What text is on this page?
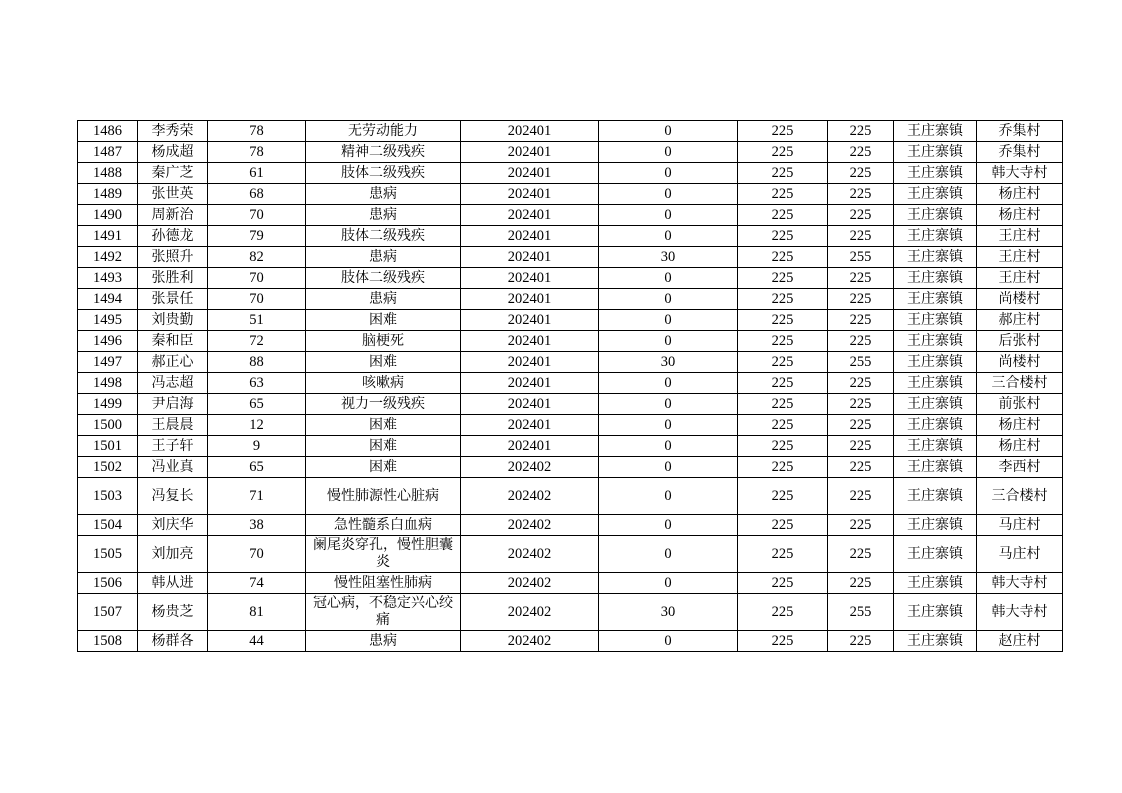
1486	李秀荣	78	无劳动能力	202401	0	225	225	王庄寨镇	乔集村
1487	杨成超	78	精神二级残疾	202401	0	225	225	王庄寨镇	乔集村
1488	秦广芝	61	肢体二级残疾	202401	0	225	225	王庄寨镇	韩大寺村
1489	张世英	68	患病	202401	0	225	225	王庄寨镇	杨庄村
1490	周新治	70	患病	202401	0	225	225	王庄寨镇	杨庄村
1491	孙德龙	79	肢体二级残疾	202401	0	225	225	王庄寨镇	王庄村
1492	张照升	82	患病	202401	30	225	255	王庄寨镇	王庄村
1493	张胜利	70	肢体二级残疾	202401	0	225	225	王庄寨镇	王庄村
1494	张景任	70	患病	202401	0	225	225	王庄寨镇	尚楼村
1495	刘贵勤	51	困难	202401	0	225	225	王庄寨镇	郝庄村
1496	秦和臣	72	脑梗死	202401	0	225	225	王庄寨镇	后张村
1497	郝正心	88	困难	202401	30	225	255	王庄寨镇	尚楼村
1498	冯志超	63	咳嗽病	202401	0	225	225	王庄寨镇	三合楼村
1499	尹启海	65	视力一级残疾	202401	0	225	225	王庄寨镇	前张村
1500	王晨晨	12	困难	202401	0	225	225	王庄寨镇	杨庄村
1501	王子轩	9	困难	202401	0	225	225	王庄寨镇	杨庄村
1502	冯业真	65	困难	202402	0	225	225	王庄寨镇	李西村
1503	冯复长	71	慢性肺源性心脏病	202402	0	225	225	王庄寨镇	三合楼村
1504	刘庆华	38	急性髓系白血病	202402	0	225	225	王庄寨镇	马庄村
1505	刘加亮	70	阑尾炎穿孔，慢性胆囊炎	202402	0	225	225	王庄寨镇	马庄村
1506	韩从进	74	慢性阻塞性肺病	202402	0	225	225	王庄寨镇	韩大寺村
1507	杨贵芝	81	冠心病，不稳定兴心绞痛	202402	30	225	255	王庄寨镇	韩大寺村
1508	杨群各	44	患病	202402	0	225	225	王庄寨镇	赵庄村
